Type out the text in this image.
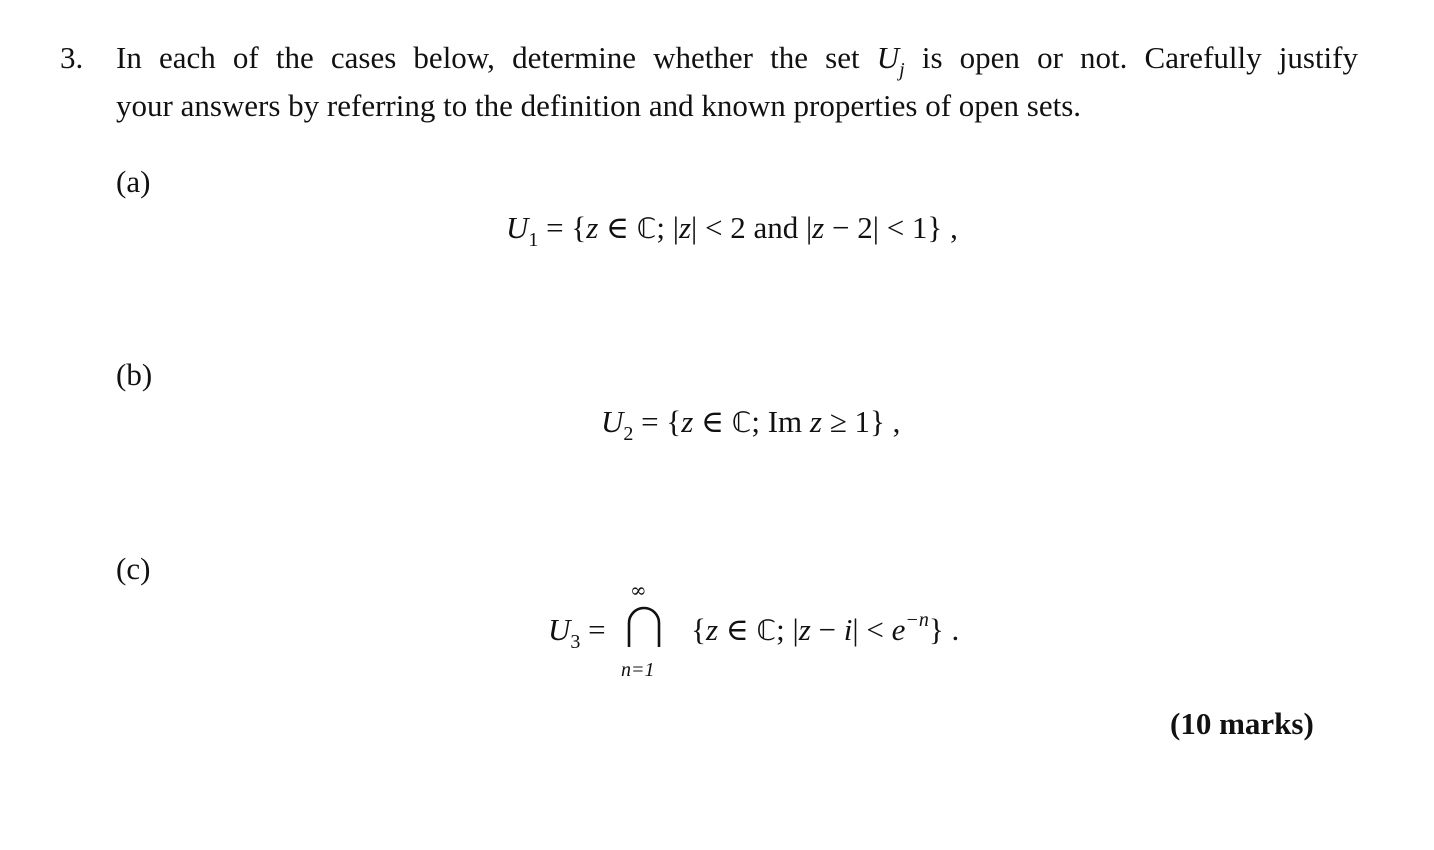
3. In each of the cases below, determine whether the set $U_j$ is open or not. Carefully justify
your answers by referring to the definition and known properties of open sets.
(a)
$U_1 = \{z$ ∈ ℂ; |z| < 2 and |z − 2| < 1} ,
(b)
$U_2 = \{z$ ∈ ℂ; Im z ≥ 1} ,
(c)
∞
n=1
$U_3 = \{z$ ∈ ℂ; $|z - i| < e^{-n}$} .
(10 marks)
